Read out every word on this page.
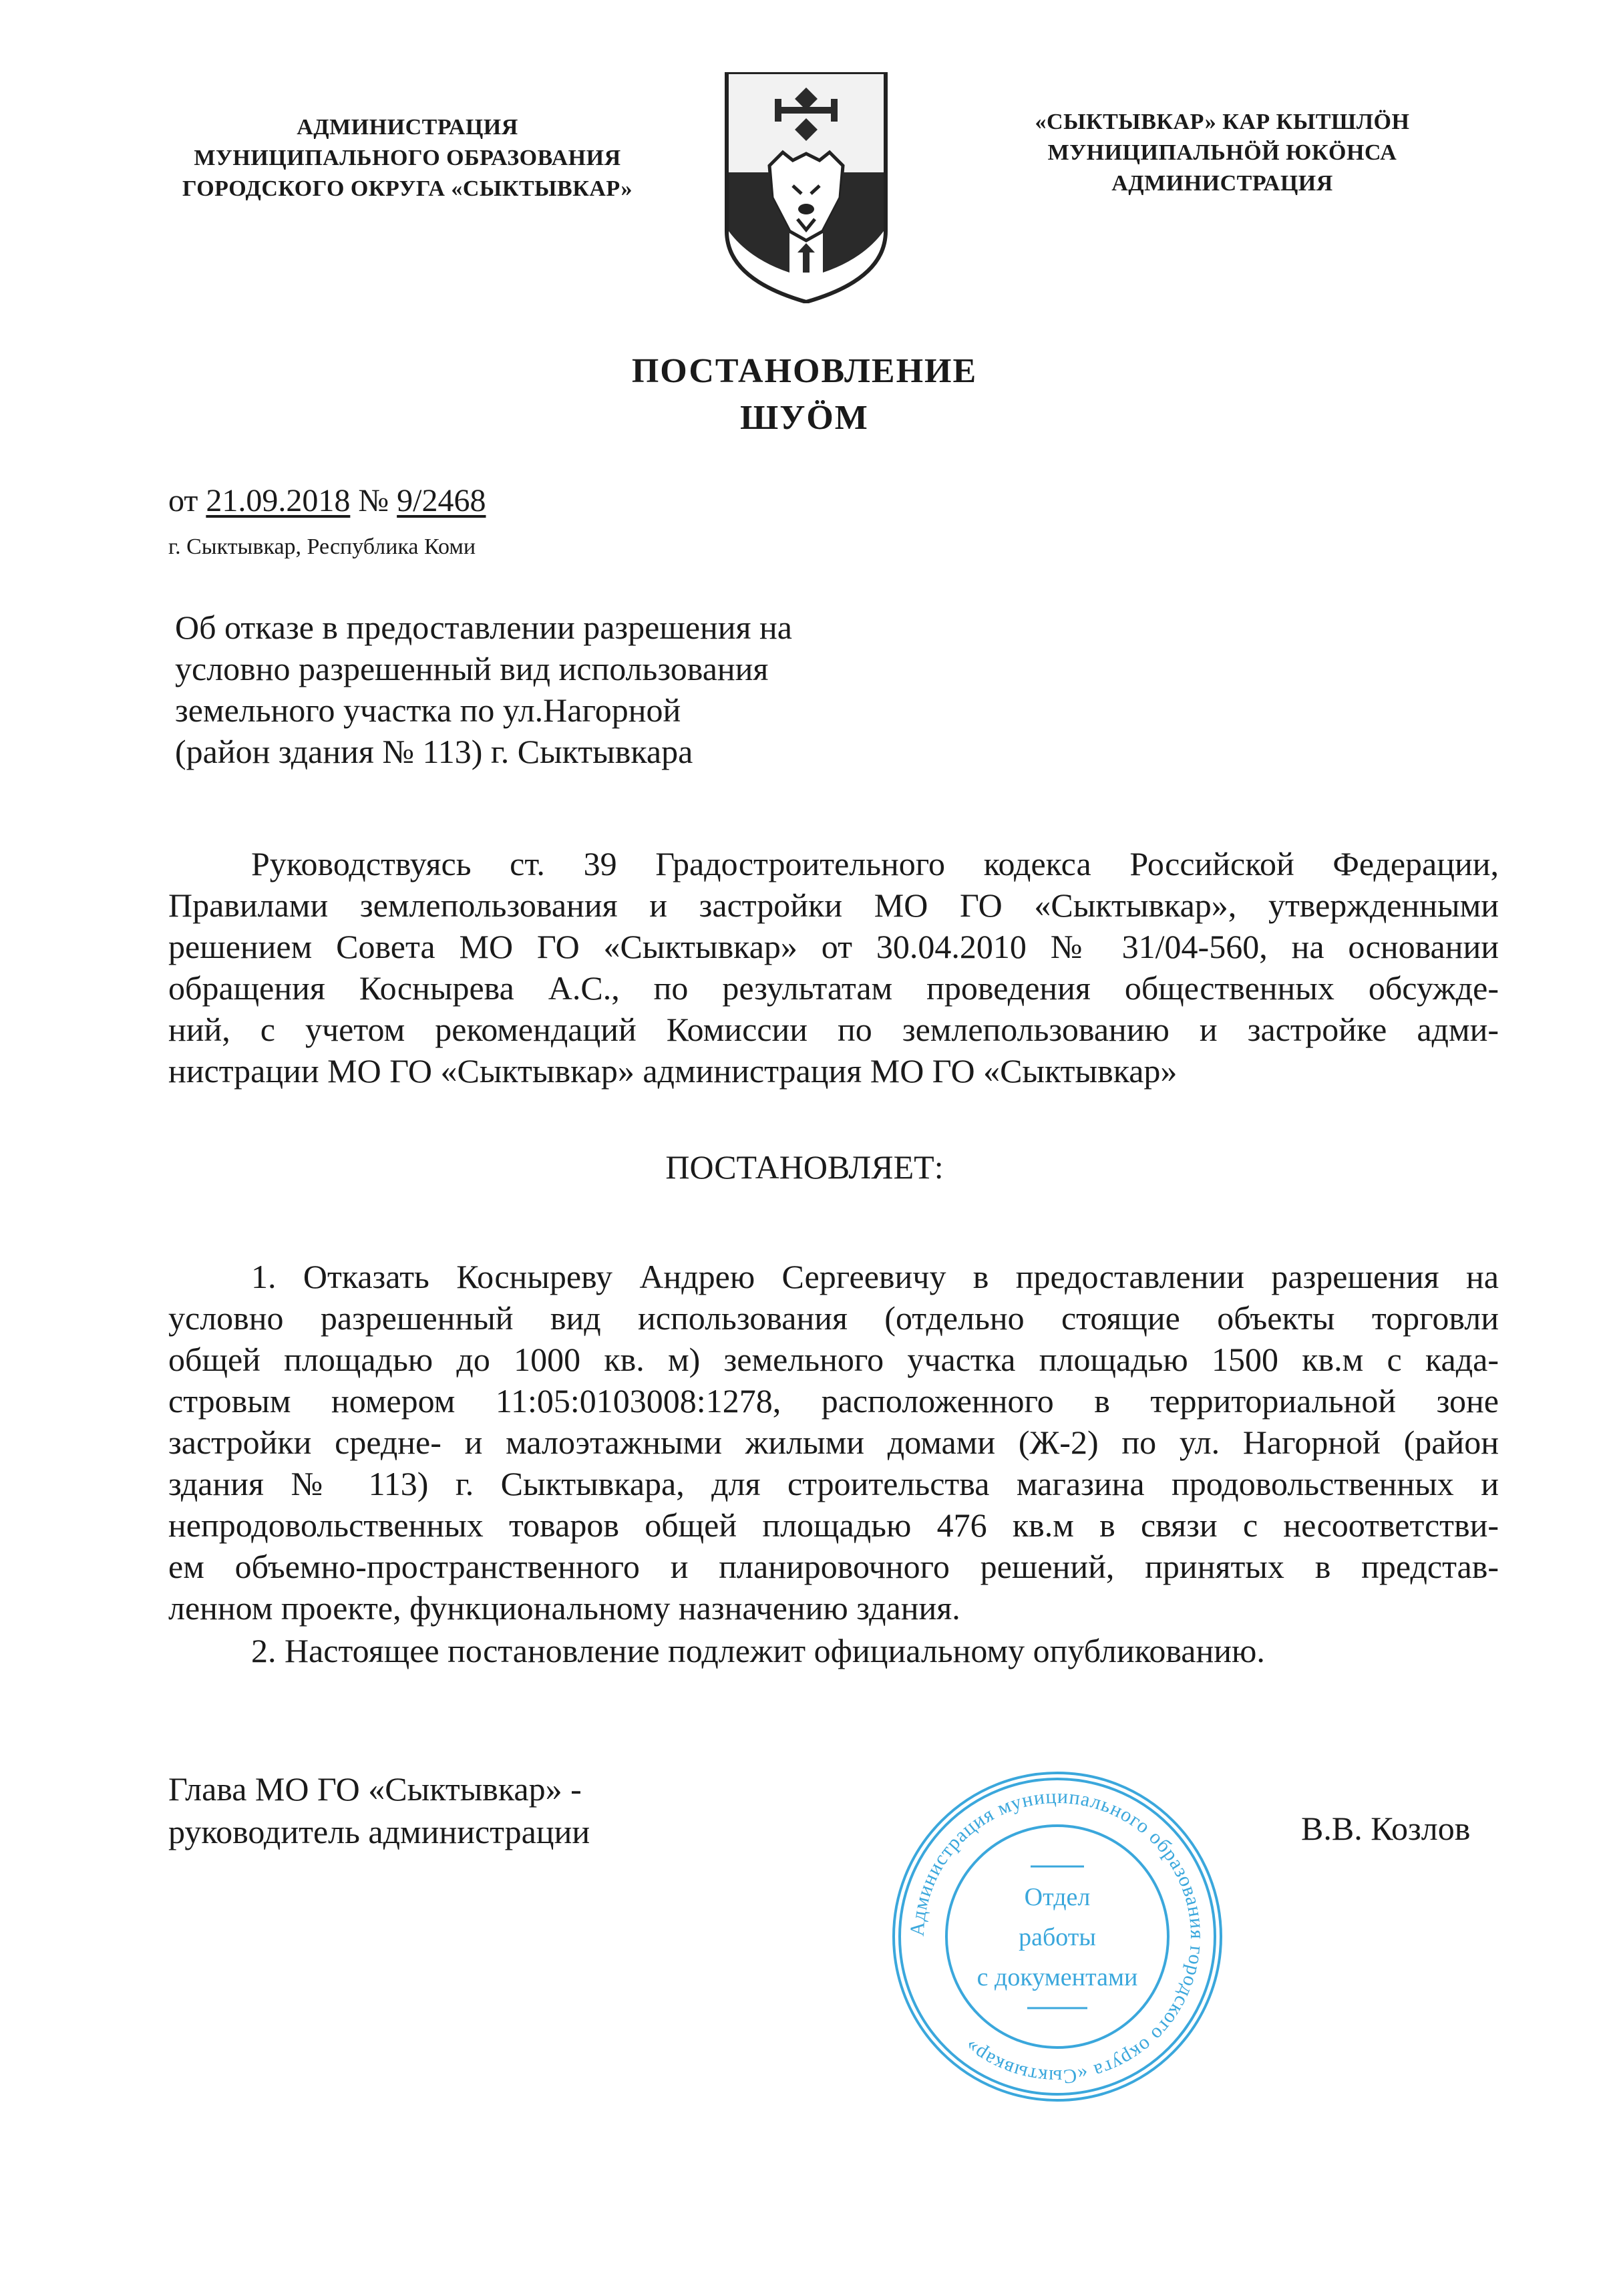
АДМИНИСТРАЦИЯ
МУНИЦИПАЛЬНОГО ОБРАЗОВАНИЯ
ГОРОДСКОГО ОКРУГА «СЫКТЫВКАР»
«СЫКТЫВКАР» КАР КЫТШЛÖН
МУНИЦИПАЛЬНÖЙ ЮКÖНСА
АДМИНИСТРАЦИЯ
ПОСТАНОВЛЕНИЕ
ШУÖМ
от 21.09.2018 № 9/2468
г. Сыктывкар, Республика Коми
Об отказе в предоставлении разрешения на
условно разрешенный вид использования
земельного участка по ул.Нагорной
(район здания № 113) г. Сыктывкара
Руководствуясь ст. 39 Градостроительного кодекса Российской Федерации,
Правилами землепользования и застройки МО ГО «Сыктывкар», утвержденными
решением Совета МО ГО «Сыктывкар» от 30.04.2010 № 31/04-560, на основании
обращения Коснырева А.С., по результатам проведения общественных обсужде-
ний, с учетом рекомендаций Комиссии по землепользованию и застройке адми-
нистрации МО ГО «Сыктывкар» администрация МО ГО «Сыктывкар»
ПОСТАНОВЛЯЕТ:
1. Отказать Коснырeву Андрею Сергеевичу в предоставлении разрешения на
условно разрешенный вид использования (отдельно стоящие объекты торговли
общей площадью до 1000 кв. м) земельного участка площадью 1500 кв.м с када-
стровым номером 11:05:0103008:1278, расположенного в территориальной зоне
застройки средне- и малоэтажными жилыми домами (Ж-2) по ул. Нагорной (район
здания № 113) г. Сыктывкара, для строительства магазина продовольственных и
непродовольственных товаров общей площадью 476 кв.м в связи с несоответстви-
ем объемно-пространственного и планировочного решений, принятых в представ-
ленном проекте, функциональному назначению здания.
2. Настоящее постановление подлежит официальному опубликованию.
Глава МО ГО «Сыктывкар» -
руководитель администрации	В.В. Козлов
Администрация муниципального образования городского округа «Сыктывкар»
Отдел
работы
с документами
